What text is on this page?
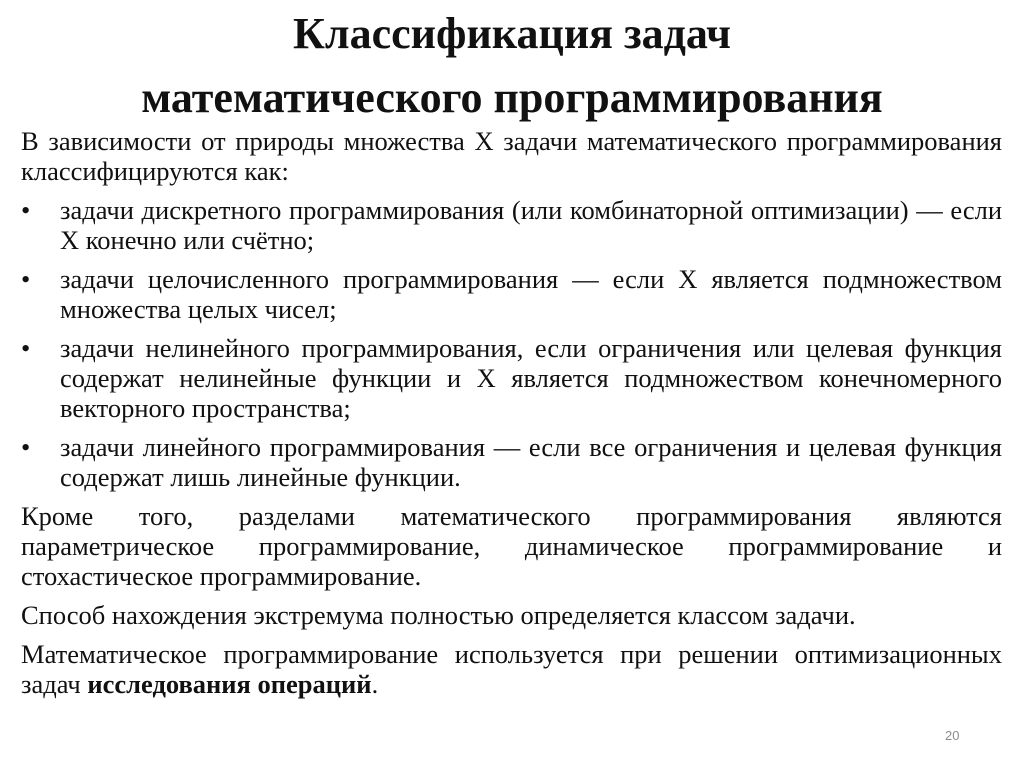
Классификация задач
математического программирования

В зависимости от природы множества X задачи математического программирования классифицируются как:

•	задачи дискретного программирования (или комбинаторной оптимизации) — если X конечно или счётно;
•	задачи целочисленного программирования — если X является подмножеством множества целых чисел;
•	задачи нелинейного программирования, если ограничения или целевая функция содержат нелинейные функции и X является подмножеством конечномерного векторного пространства;
•	задачи линейного программирования — если все ограничения и целевая функция содержат лишь линейные функции.

Кроме того, разделами математического программирования являются параметрическое программирование, динамическое программирование и стохастическое программирование.

Способ нахождения экстремума полностью определяется классом задачи.

Математическое программирование используется при решении оптимизационных задач исследования операций.

20
